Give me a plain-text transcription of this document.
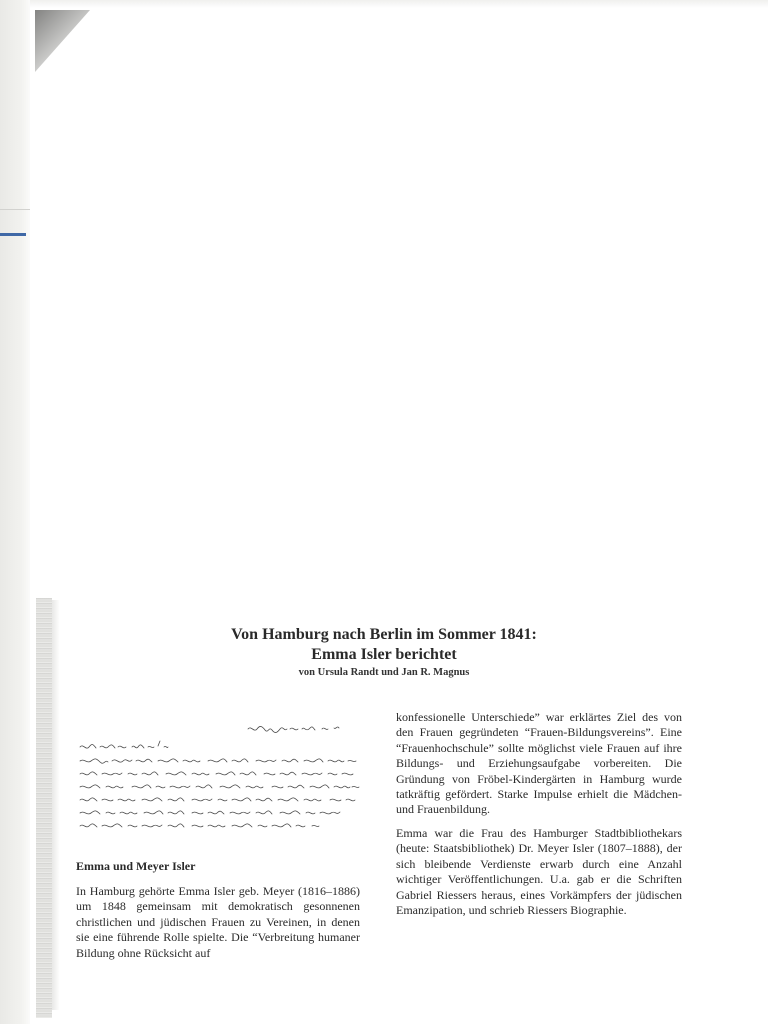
Von Hamburg nach Berlin im Sommer 1841:
Emma Isler berichtet
von Ursula Randt und Jan R. Magnus
Emma und Meyer Isler
In Hamburg gehörte Emma Isler geb. Meyer (1816–1886) um 1848 gemeinsam mit demokratisch gesonnenen christlichen und jüdischen Frauen zu Vereinen, in denen sie eine führende Rolle spielte. Die “Verbreitung humaner Bildung ohne Rücksicht auf
konfessionelle Unterschiede” war erklärtes Ziel des von den Frauen gegründeten “Frauen-Bildungsvereins”. Eine “Frauenhochschule” sollte möglichst viele Frauen auf ihre Bildungs- und Erziehungsaufgabe vorbereiten. Die Gründung von Fröbel-Kindergärten in Hamburg wurde tatkräftig gefördert. Starke Impulse erhielt die Mädchen- und Frauenbildung.
Emma war die Frau des Hamburger Stadtbibliothekars (heute: Staatsbibliothek) Dr. Meyer Isler (1807–1888), der sich bleibende Verdienste erwarb durch eine Anzahl wichtiger Veröffentlichungen. U.a. gab er die Schriften Gabriel Riessers heraus, eines Vorkämpfers der jüdischen Emanzipation, und schrieb Riessers Biographie.
